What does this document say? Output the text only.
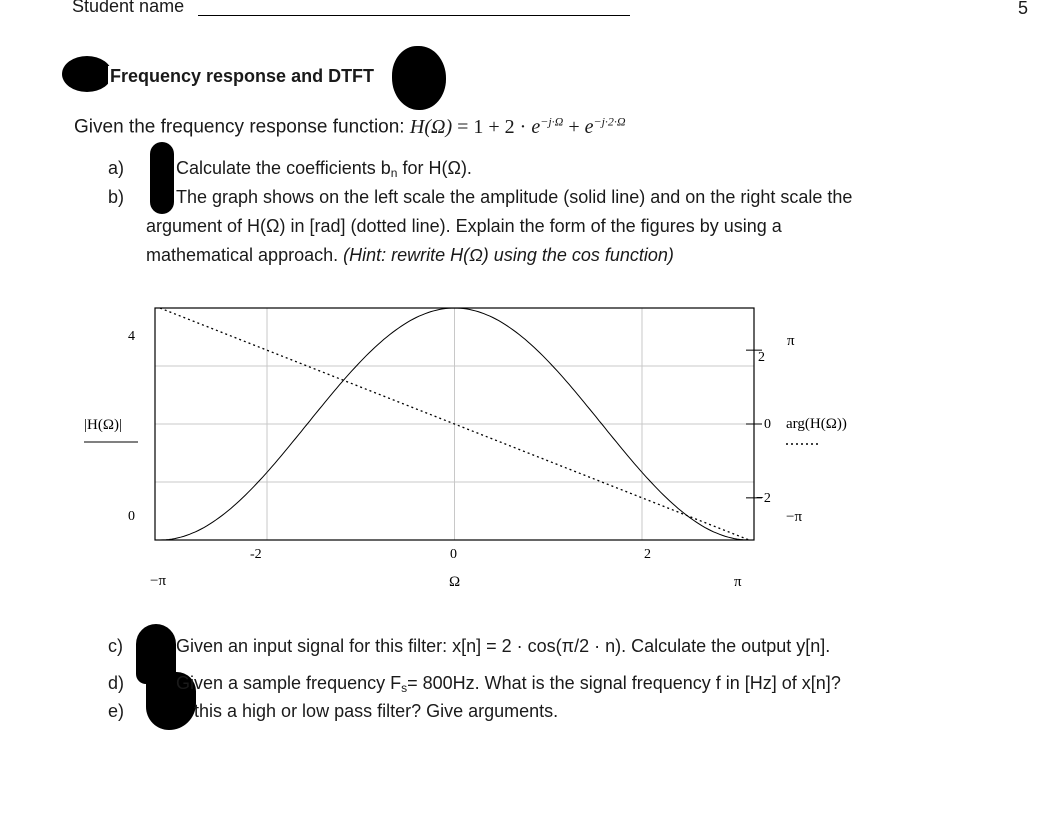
Student name	5
Frequency response and DTFT
Given the frequency response function: $H(\Omega) = 1 + 2 \cdot e^{-j\cdot\Omega} + e^{-j\cdot 2\cdot\Omega}$
a)	Calculate the coefficients bn for H(Ω).
b)	The graph shows on the left scale the amplitude (solid line) and on the right scale the
argument of H(Ω) in [rad] (dotted line). Explain the form of the figures by using a
mathematical approach. (Hint: rewrite H(Ω) using the cos function)
4
0
|H(Ω)|
π
2
0 arg(H(Ω))
−2
−π
-2	0	2
−π	Ω	π
c)	Given an input signal for this filter: x[n] = 2 · cos(π/2 · n). Calculate the output y[n].
d)	Given a sample frequency Fs= 800Hz. What is the signal frequency f in [Hz] of x[n]?
e)	this a high or low pass filter? Give arguments.
